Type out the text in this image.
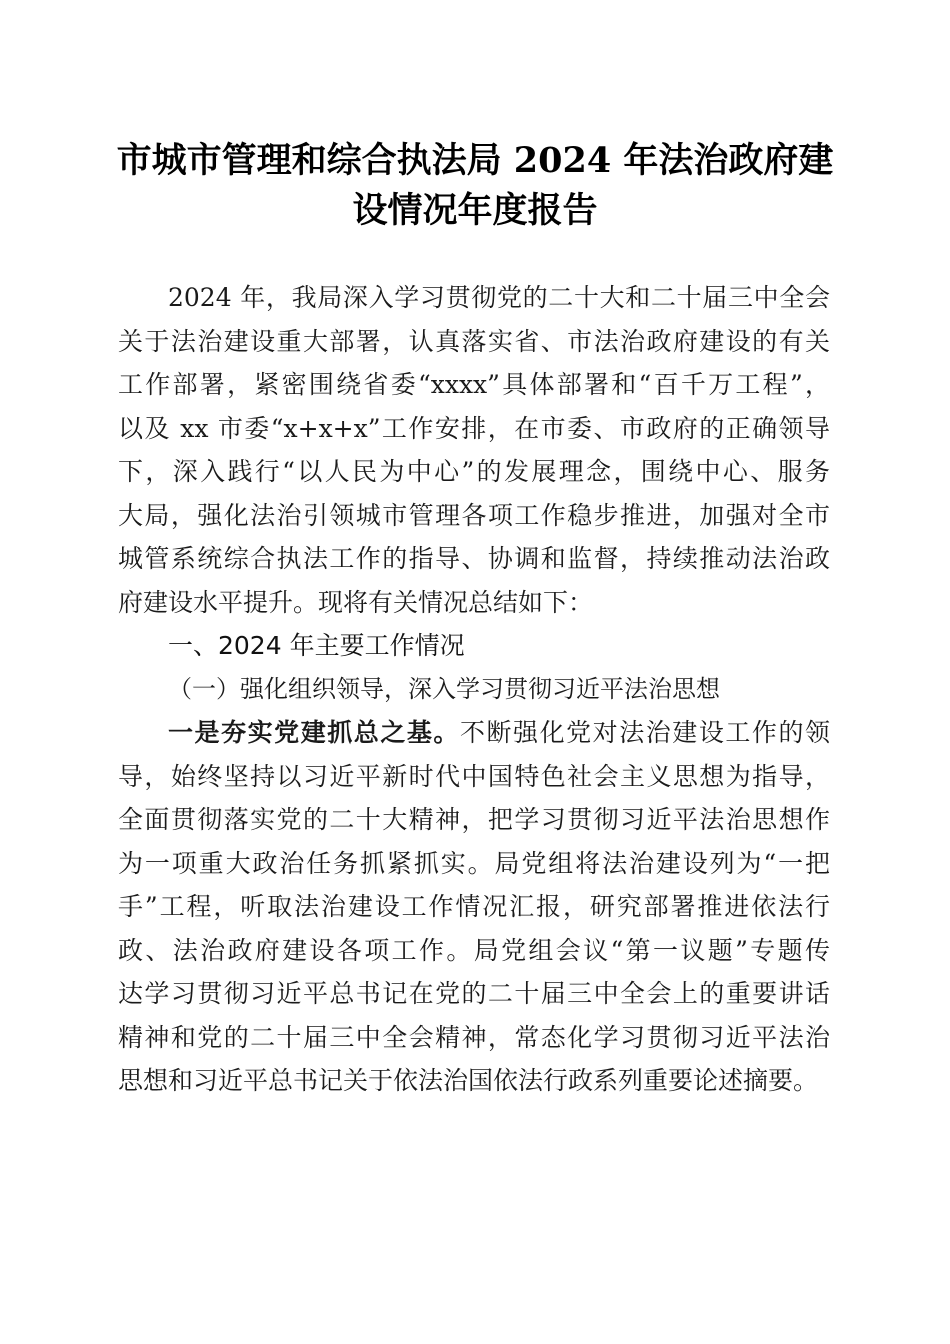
市城市管理和综合执法局 2024 年法治政府建
设情况年度报告
2024 年，我局深入学习贯彻党的二十大和二十届三中全会
关于法治建设重大部署，认真落实省、市法治政府建设的有关
工作部署，紧密围绕省委“xxxx”具体部署和“百千万工程”，
以及 xx 市委“x+x+x”工作安排，在市委、市政府的正确领导
下，深入践行“以人民为中心”的发展理念，围绕中心、服务
大局，强化法治引领城市管理各项工作稳步推进，加强对全市
城管系统综合执法工作的指导、协调和监督，持续推动法治政
府建设水平提升。现将有关情况总结如下：
一、2024 年主要工作情况
（一）强化组织领导，深入学习贯彻习近平法治思想
一是夯实党建抓总之基。不断强化党对法治建设工作的领
导，始终坚持以习近平新时代中国特色社会主义思想为指导，
全面贯彻落实党的二十大精神，把学习贯彻习近平法治思想作
为一项重大政治任务抓紧抓实。局党组将法治建设列为“一把
手”工程，听取法治建设工作情况汇报，研究部署推进依法行
政、法治政府建设各项工作。局党组会议“第一议题”专题传
达学习贯彻习近平总书记在党的二十届三中全会上的重要讲话
精神和党的二十届三中全会精神，常态化学习贯彻习近平法治
思想和习近平总书记关于依法治国依法行政系列重要论述摘要。
